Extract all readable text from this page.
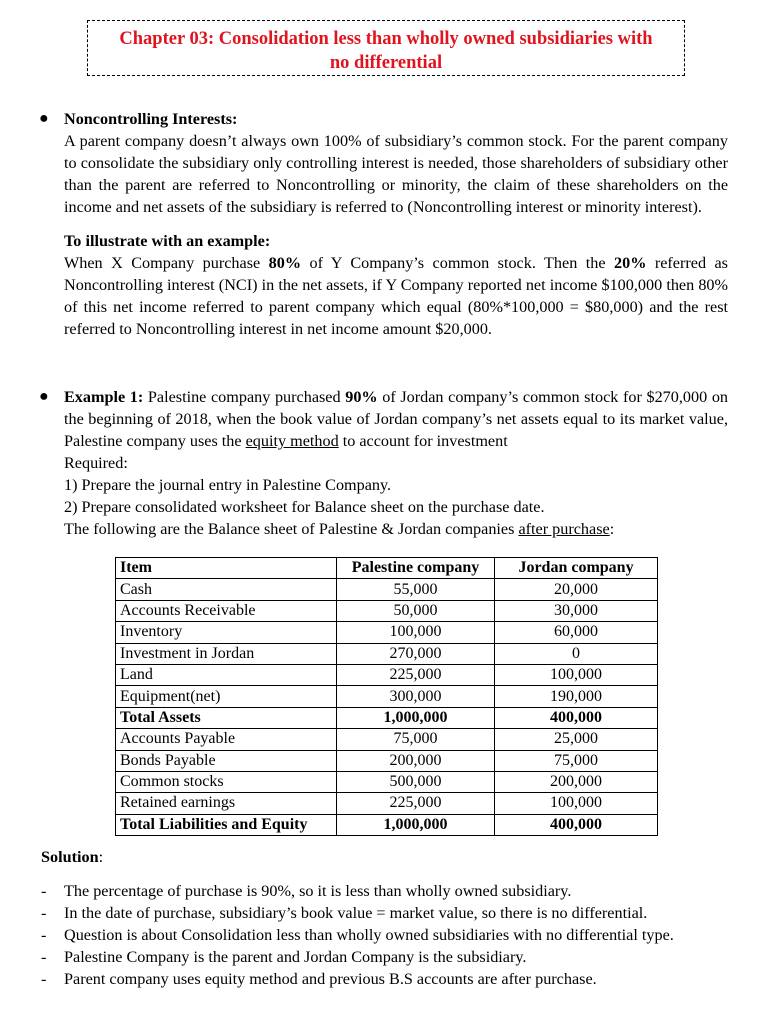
Chapter 03: Consolidation less than wholly owned subsidiaries with
no differential
● Noncontrolling Interests:

A parent company doesn’t always own 100% of subsidiary’s common stock. For the parent company to consolidate the subsidiary only controlling interest is needed, those shareholders of subsidiary other than the parent are referred to Noncontrolling or minority, the claim of these shareholders on the income and net assets of the subsidiary is referred to (Noncontrolling interest or minority interest).

To illustrate with an example:

When X Company purchase 80% of Y Company’s common stock. Then the 20% referred as Noncontrolling interest (NCI) in the net assets, if Y Company reported net income $100,000 then 80% of this net income referred to parent company which equal (80%*100,000 = $80,000) and the rest referred to Noncontrolling interest in net income amount $20,000.

● Example 1: Palestine company purchased 90% of Jordan company’s common stock for $270,000 on the beginning of 2018, when the book value of Jordan company’s net assets equal to its market value, Palestine company uses the equity method to account for investment

Required:
1) Prepare the journal entry in Palestine Company.
2) Prepare consolidated worksheet for Balance sheet on the purchase date.
The following are the Balance sheet of Palestine & Jordan companies after purchase:
Item	Palestine company	Jordan company
Cash	55,000	20,000
Accounts Receivable	50,000	30,000
Inventory	100,000	60,000
Investment in Jordan	270,000	0
Land	225,000	100,000
Equipment(net)	300,000	190,000
Total Assets	1,000,000	400,000
Accounts Payable	75,000	25,000
Bonds Payable	200,000	75,000
Common stocks	500,000	200,000
Retained earnings	225,000	100,000
Total Liabilities and Equity	1,000,000	400,000
Solution:
- The percentage of purchase is 90%, so it is less than wholly owned subsidiary.
- In the date of purchase, subsidiary’s book value = market value, so there is no differential.
- Question is about Consolidation less than wholly owned subsidiaries with no differential type.
- Palestine Company is the parent and Jordan Company is the subsidiary.
- Parent company uses equity method and previous B.S accounts are after purchase.
